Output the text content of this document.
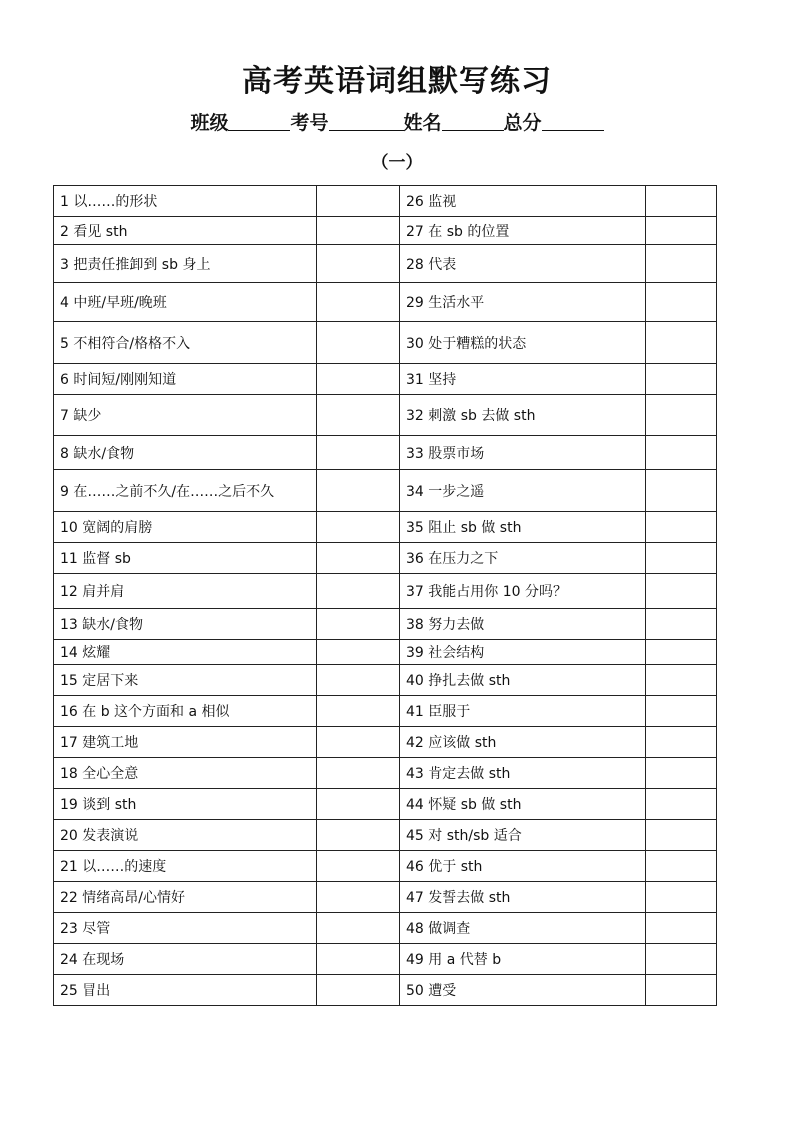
高考英语词组默写练习
班级	考号	姓名	总分
（一）
1 以……的形状		26 监视	
2 看见 sth		27 在 sb 的位置	
3 把责任推卸到 sb 身上		28 代表	
4 中班/早班/晚班		29 生活水平	
5 不相符合/格格不入		30 处于糟糕的状态	
6 时间短/刚刚知道		31 坚持	
7 缺少		32 刺激 sb 去做 sth	
8 缺水/食物		33 股票市场	
9 在……之前不久/在……之后不久		34 一步之遥	
10 宽阔的肩膀		35 阻止 sb 做 sth	
11 监督 sb		36 在压力之下	
12 肩并肩		37 我能占用你 10 分吗？	
13 缺水/食物		38 努力去做	
14 炫耀		39 社会结构	
15 定居下来		40 挣扎去做 sth	
16 在 b 这个方面和 a 相似		41 臣服于	
17 建筑工地		42 应该做 sth	
18 全心全意		43 肯定去做 sth	
19 谈到 sth		44 怀疑 sb 做 sth	
20 发表演说		45 对 sth/sb 适合	
21 以……的速度		46 优于 sth	
22 情绪高昂/心情好		47 发誓去做 sth	
23 尽管		48 做调查	
24 在现场		49 用 a 代替 b	
25 冒出		50 遭受	
